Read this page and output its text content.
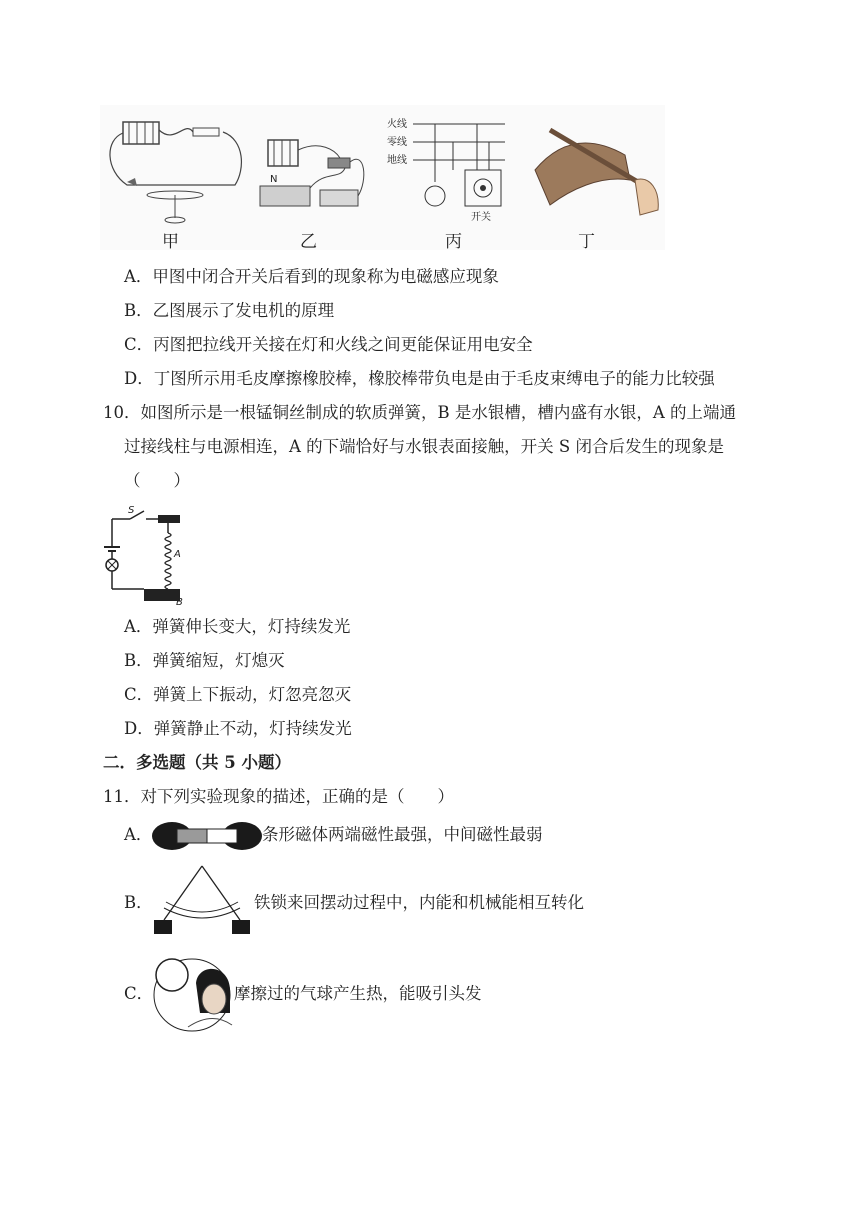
N
火线
零线
地线
开关
甲	乙	丙	丁
A．甲图中闭合开关后看到的现象称为电磁感应现象
B．乙图展示了发电机的原理
C．丙图把拉线开关接在灯和火线之间更能保证用电安全
D．丁图所示用毛皮摩擦橡胶棒，橡胶棒带负电是由于毛皮束缚电子的能力比较强
10．如图所示是一根锰铜丝制成的软质弹簧，B 是水银槽，槽内盛有水银，A 的上端通
过接线柱与电源相连，A 的下端恰好与水银表面接触，开关 S 闭合后发生的现象是
（　　）
S
A
B
A．弹簧伸长变大，灯持续发光
B．弹簧缩短，灯熄灭
C．弹簧上下振动，灯忽亮忽灭
D．弹簧静止不动，灯持续发光
二．多选题（共 5 小题）
11．对下列实验现象的描述，正确的是（　　）
A．	条形磁体两端磁性最强，中间磁性最弱
B．	铁锁来回摆动过程中，内能和机械能相互转化
C．	摩擦过的气球产生热，能吸引头发
